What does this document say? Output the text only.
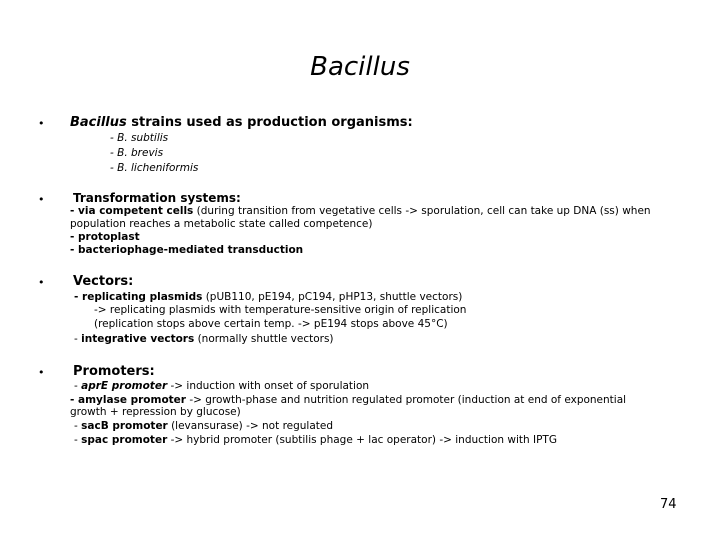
Bacillus
• Bacillus strains used as production organisms:
- B. subtilis
- B. brevis
- B. licheniformis
• Transformation systems:
- via competent cells (during transition from vegetative cells -> sporulation, cell can take up DNA (ss) when
population reaches a metabolic state called competence)
- protoplast
- bacteriophage-mediated transduction
• Vectors:
- replicating plasmids (pUB110, pE194, pC194, pHP13, shuttle vectors)
-> replicating plasmids with temperature-sensitive origin of replication
(replication stops above certain temp. -> pE194 stops above 45°C)
- integrative vectors (normally shuttle vectors)
• Promoters:
- aprE promoter -> induction with onset of sporulation
- amylase promoter -> growth-phase and nutrition regulated promoter (induction at end of exponential
growth + repression by glucose)
- sacB promoter (levansurase) -> not regulated
- spac promoter -> hybrid promoter (subtilis phage + lac operator) -> induction with IPTG
74
